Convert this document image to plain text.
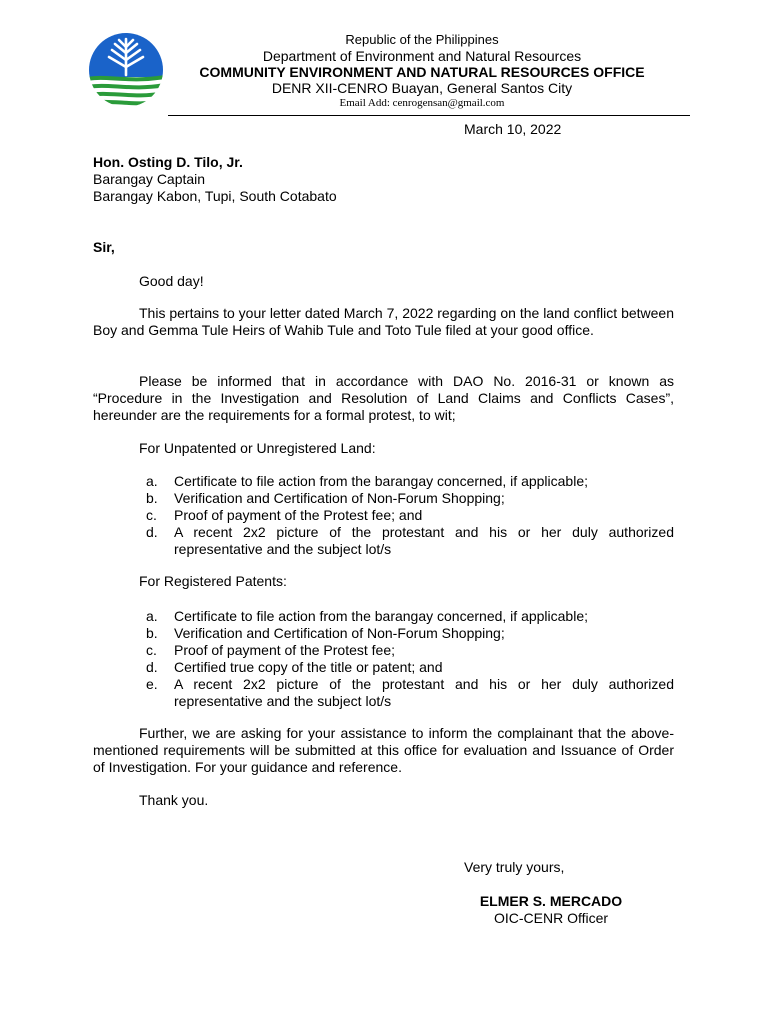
Republic of the Philippines
Department of Environment and Natural Resources
COMMUNITY ENVIRONMENT AND NATURAL RESOURCES OFFICE
DENR XII-CENRO Buayan, General Santos City
Email Add: cenrogensan@gmail.com
March 10, 2022
Hon. Osting D. Tilo, Jr.
Barangay Captain
Barangay Kabon, Tupi, South Cotabato
Sir,

Good day!

This pertains to your letter dated March 7, 2022 regarding on the land conflict between Boy and Gemma Tule Heirs of Wahib Tule and Toto Tule filed at your good office.

Please be informed that in accordance with DAO No. 2016-31 or known as “Procedure in the Investigation and Resolution of Land Claims and Conflicts Cases”, hereunder are the requirements for a formal protest, to wit;

For Unpatented or Unregistered Land:

a. Certificate to file action from the barangay concerned, if applicable;
b. Verification and Certification of Non-Forum Shopping;
c. Proof of payment of the Protest fee; and
d. A recent 2x2 picture of the protestant and his or her duly authorized representative and the subject lot/s

For Registered Patents:

a. Certificate to file action from the barangay concerned, if applicable;
b. Verification and Certification of Non-Forum Shopping;
c. Proof of payment of the Protest fee;
d. Certified true copy of the title or patent; and
e. A recent 2x2 picture of the protestant and his or her duly authorized representative and the subject lot/s

Further, we are asking for your assistance to inform the complainant that the above-mentioned requirements will be submitted at this office for evaluation and Issuance of Order of Investigation. For your guidance and reference.

Thank you.

Very truly yours,
ELMER S. MERCADO
OIC-CENR Officer
